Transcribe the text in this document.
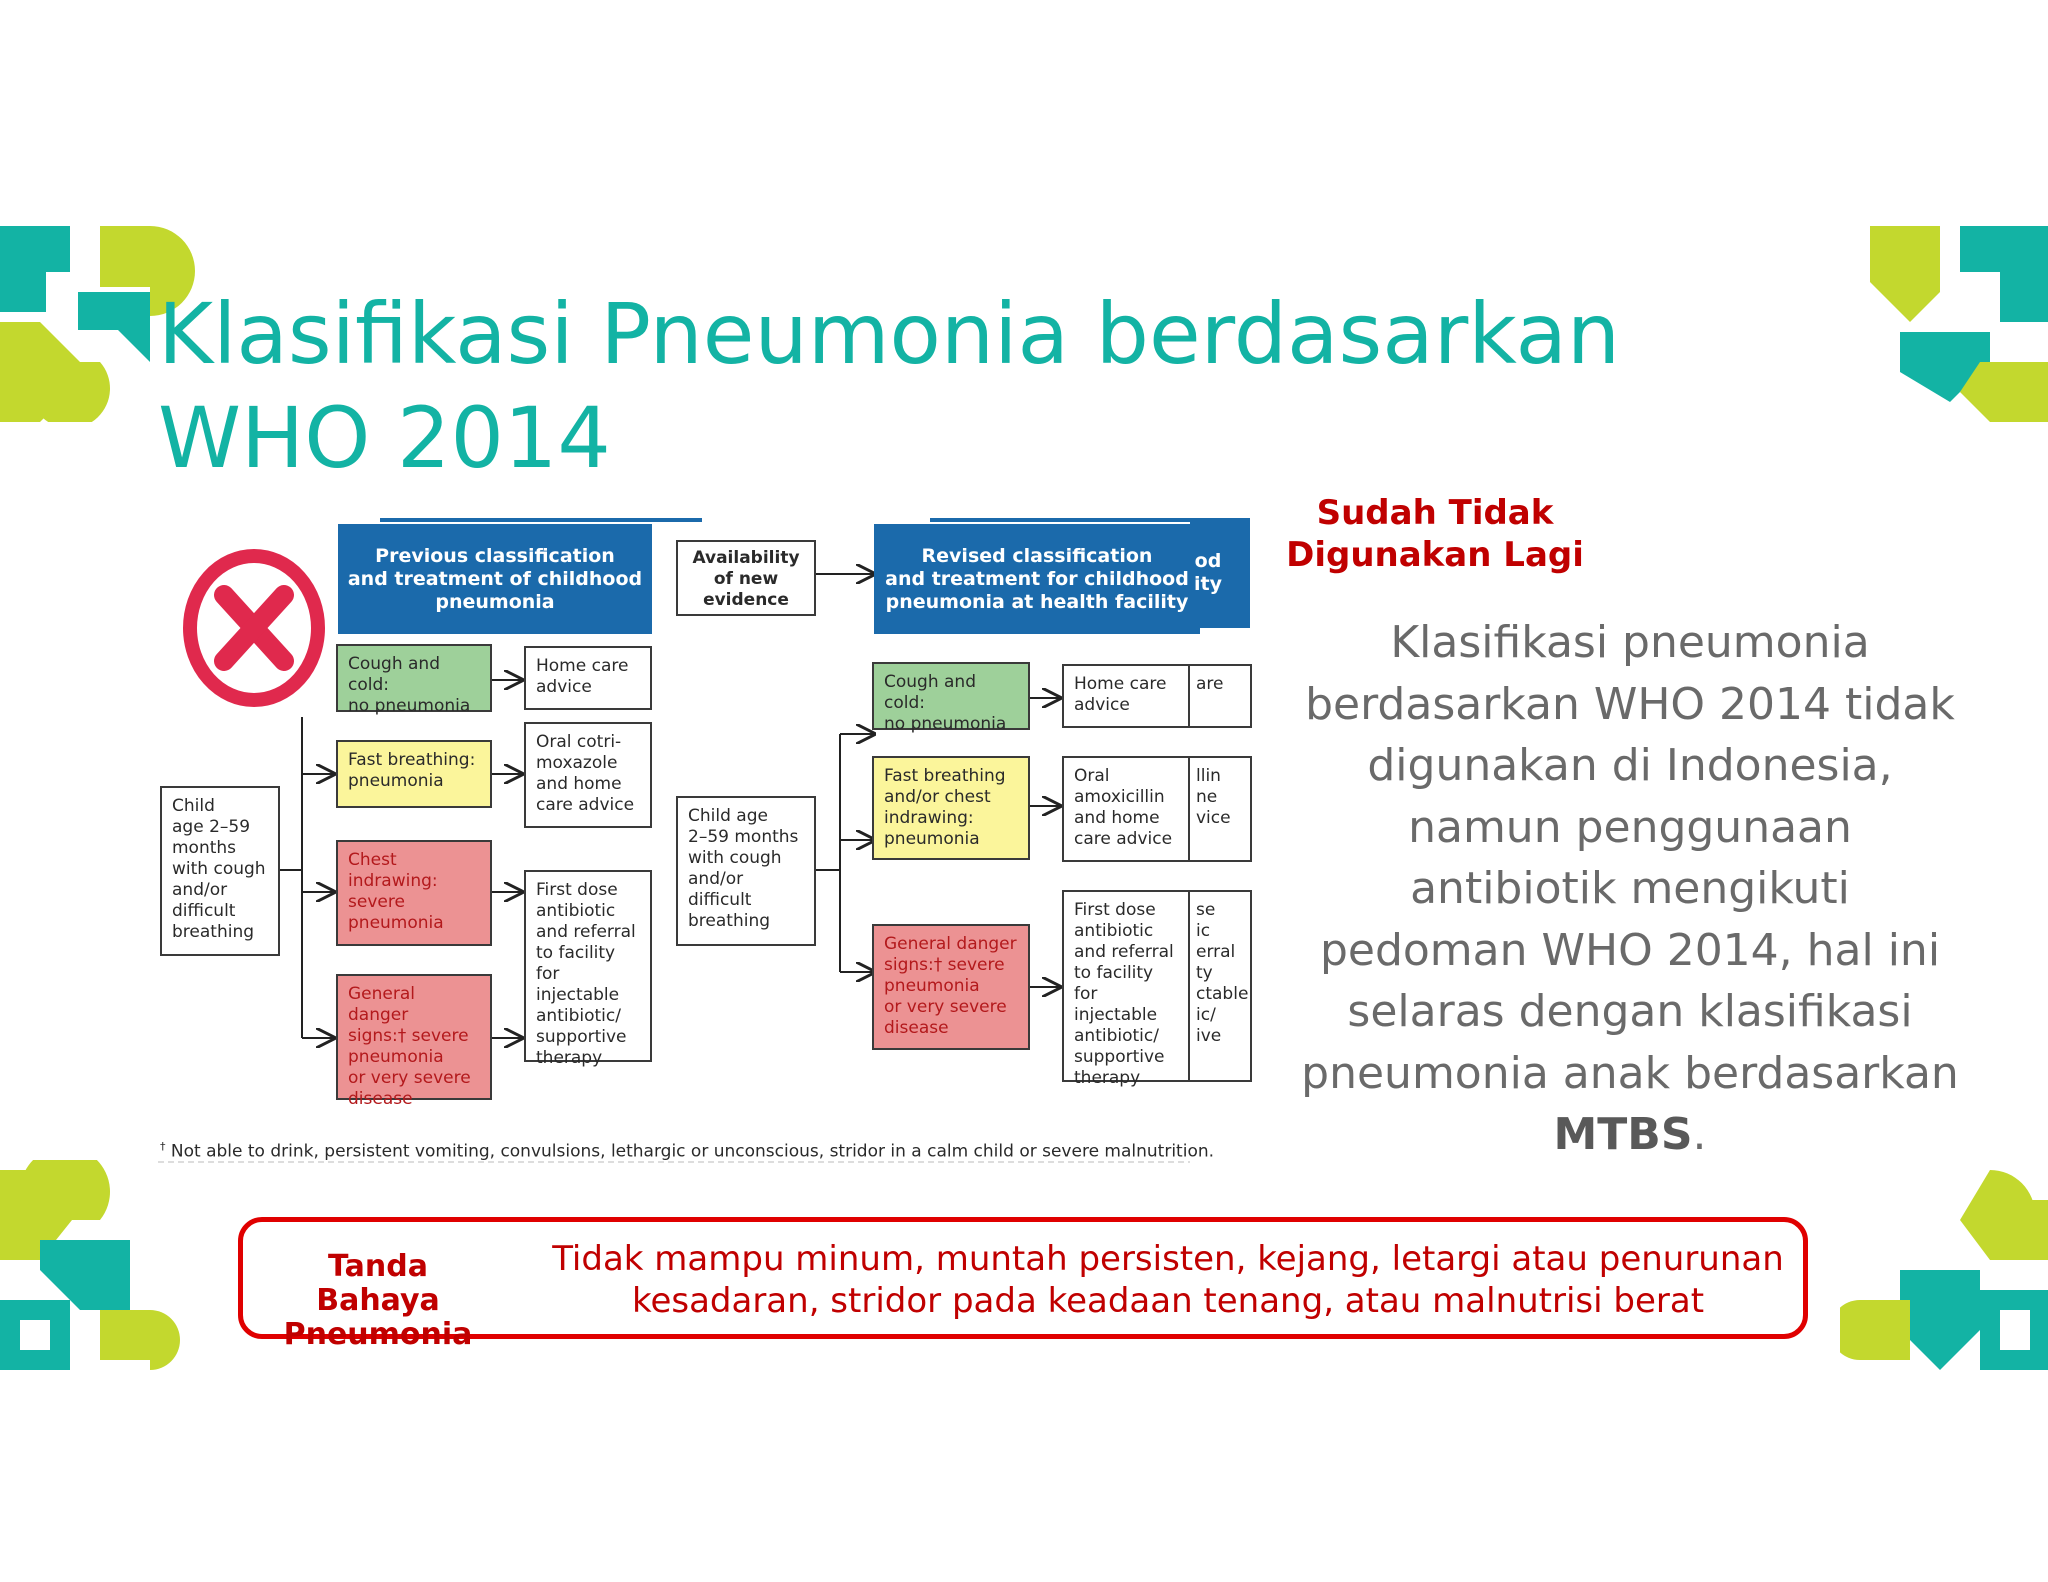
Klasifikasi Pneumonia berdasarkan WHO 2014
Previous classification
and treatment of childhood
pneumonia
Availability
of new
evidence
Revised classification
and treatment for childhood
pneumonia at health facility
od
ity
Child
age 2–59
months
with cough
and/or
difficult
breathing
Cough and cold:
no pneumonia
Fast breathing:
pneumonia
Chest
indrawing:
severe
pneumonia
General danger
signs:† severe
pneumonia
or very severe
disease
Home care
advice
Oral cotri-
moxazole
and home
care advice
First dose
antibiotic
and referral
to facility
for injectable
antibiotic/
supportive
therapy
Child age
2–59 months
with cough
and/or
difficult
breathing
Cough and cold:
no pneumonia
Fast breathing
and/or chest
indrawing:
pneumonia
General danger
signs:† severe
pneumonia
or very severe
disease
Home care
advice
Oral
amoxicillin
and home
care advice
First dose
antibiotic
and referral
to facility
for injectable
antibiotic/
supportive
therapy
are
llin
ne
vice
se
ic
erral
ty
ctable
ic/
ive
† Not able to drink, persistent vomiting, convulsions, lethargic or unconscious, stridor in a calm child or severe malnutrition.
Sudah Tidak
Digunakan Lagi
Klasifikasi pneumonia berdasarkan WHO 2014 tidak digunakan di Indonesia, namun penggunaan antibiotik mengikuti pedoman WHO 2014, hal ini selaras dengan klasifikasi pneumonia anak berdasarkan MTBS.
Tanda Bahaya
Pneumonia
Tidak mampu minum, muntah persisten, kejang, letargi atau penurunan kesadaran, stridor pada keadaan tenang, atau malnutrisi berat
